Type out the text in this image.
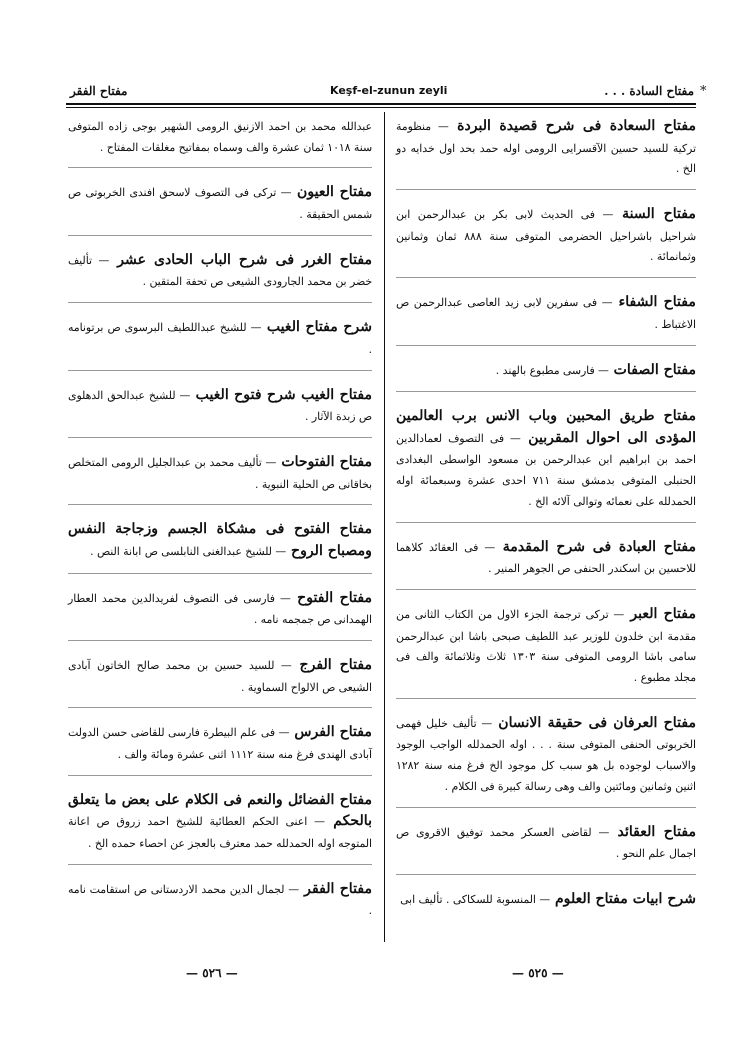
*
مفتاح الفقر	Keşf-el-zunun zeyli	مفتاح السادة . . .
عبدالله محمد بن احمد الازنيق الرومى الشهير بوجى زاده المتوفى سنة ١٠١٨ ثمان عشرة والف وسماه بمفاتيح مغلقات المفتاح .
مفتاح العيون — تركى فى التصوف لاسحق افندى الخربوتى ص شمس الحقيقة .
مفتاح الغرر فى شرح الباب الحادى عشر — تأليف خضر بن محمد الجارودى الشيعى ص تحفة المتقين .
شرح مفتاح الغيب — للشيخ عبداللطيف البرسوى ص برتونامه .
مفتاح الغيب شرح فتوح الغيب — للشيخ عبدالحق الدهلوى ص زبدة الآثار .
مفتاح الفتوحات — تأليف محمد بن عبدالجليل الرومى المتخلص بخاقانى ص الحلية النبوية .
مفتاح الفتوح فى مشكاة الجسم وزجاجة النفس ومصباح الروح — للشيخ عبدالغنى النابلسى ص ابانة النص .
مفتاح الفتوح — فارسى فى التصوف لفريدالدين محمد العطار الهمدانى ص جمجمه نامه .
مفتاح الفرج — للسيد حسين بن محمد صالح الخاتون آبادى الشيعى ص الالواح السماوية .
مفتاح الفرس — فى علم البيطرة فارسى للقاضى حسن الدولت آبادى الهندى فرغ منه سنة ١١١٢ اثنى عشرة ومائة والف .
مفتاح الفضائل والنعم فى الكلام على بعض ما يتعلق بالحكم — اعنى الحكم العطائية للشيخ احمد زروق ص اعانة المتوجه اوله الحمدلله حمد معترف بالعجز عن احصاء حمده الخ .
مفتاح الفقر — لجمال الدين محمد الاردستانى ص استقامت نامه .
مفتاح السعادة فى شرح قصيدة البردة — منظومة تركية للسيد حسين الآقسرايى الرومى اوله حمد بحد اول خدايه دو الخ .
مفتاح السنة — فى الحديث لابى بكر بن عبدالرحمن ابن شراحيل باشراحيل الحضرمى المتوفى سنة ٨٨٨ ثمان وثمانين وثمانمائة .
مفتاح الشفاء — فى سفرين لابى زيد العاصى عبدالرحمن ص الاغتباط .
مفتاح الصفات — فارسى مطبوع بالهند .
مفتاح طريق المحبين وباب الانس برب العالمين المؤدى الى احوال المقربين — فى التصوف لعمادالدين احمد بن ابراهيم ابن عبدالرحمن بن مسعود الواسطى البغدادى الحنبلى المتوفى بدمشق سنة ٧١١ احدى عشرة وسبعمائة اوله الحمدلله على نعمائه وتوالى آلائه الخ .
مفتاح العبادة فى شرح المقدمة — فى العقائد كلاهما للاحسين بن اسكندر الحنفى ص الجوهر المنير .
مفتاح العبر — تركى ترجمة الجزء الاول من الكتاب الثانى من مقدمة ابن خلدون للوزير عبد اللطيف صبحى باشا ابن عبدالرحمن سامى باشا الرومى المتوفى سنة ١٣٠٣ ثلاث وثلاثمائة والف فى مجلد مطبوع .
مفتاح العرفان فى حقيقة الانسان — تأليف خليل فهمى الخربوتى الحنفى المتوفى سنة . . . اوله الحمدلله الواجب الوجود والاسباب لوجوده بل هو سبب كل موجود الخ فرغ منه سنة ١٢٨٢ اثنين وثمانين ومائتين والف وهى رسالة كبيرة فى الكلام .
مفتاح العقائد — لقاضى العسكر محمد توفيق الاقروى ص اجمال علم النحو .
شرح ابيات مفتاح العلوم — المنسوبة للسكاكى . تأليف ابى
— ٥٢٦ —	— ٥٢٥ —
